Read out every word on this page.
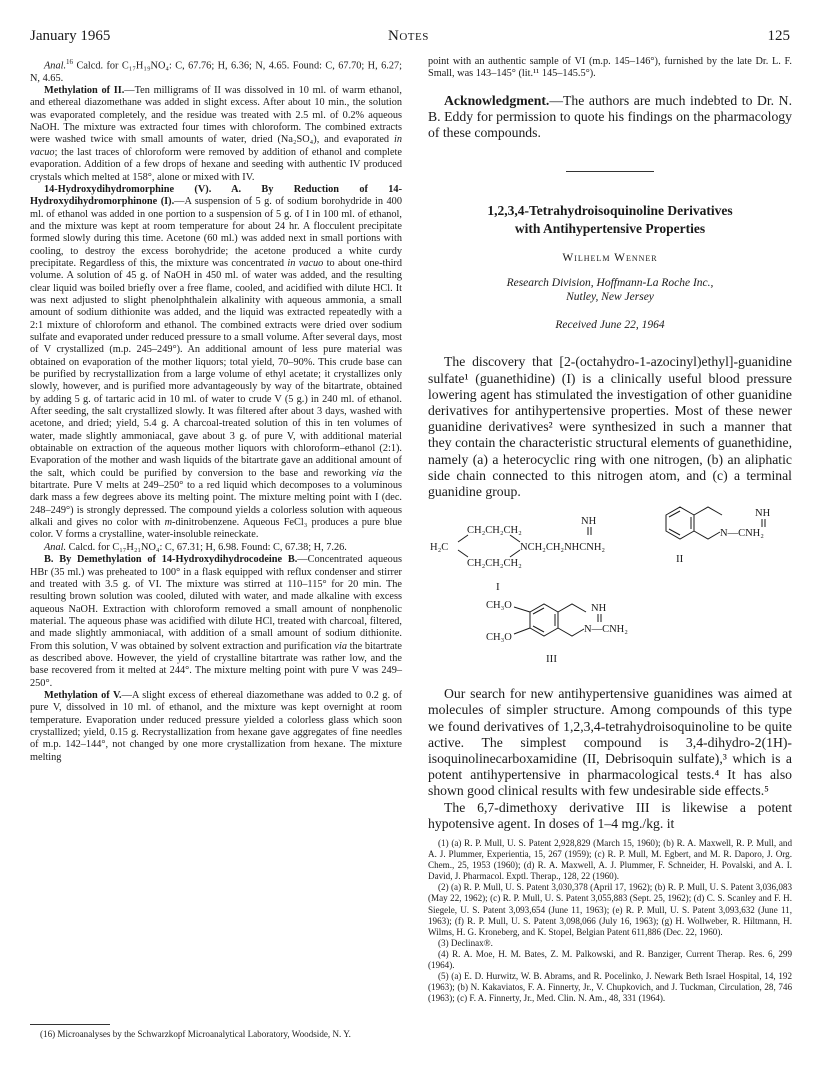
January 1965	Notes	125

Anal.$^{16}$ Calcd. for C₁₇H₁₉NO₄: C, 67.76; H, 6.36; N, 4.65. Found: C, 67.70; H, 6.27; N, 4.65.

Methylation of II.—Ten milligrams of II was dissolved in 10 ml. of warm ethanol, and ethereal diazomethane was added in slight excess. After about 10 min., the solution was evaporated completely, and the residue was treated with 2.5 ml. of 0.2% aqueous NaOH. The mixture was extracted four times with chloroform. The combined extracts were washed twice with small amounts of water, dried (Na₂SO₄), and evaporated in vacuo; the last traces of chloroform were removed by addition of ethanol and complete evaporation. Addition of a few drops of hexane and seeding with authentic IV produced crystals which melted at 158°, alone or mixed with IV.

14-Hydroxydihydromorphine (V). A. By Reduction of 14-Hydroxydihydromorphinone (I).—A suspension of 5 g. of sodium borohydride in 400 ml. of ethanol was added in one portion to a suspension of 5 g. of I in 100 ml. of ethanol, and the mixture was kept at room temperature for about 24 hr. A flocculent precipitate formed slowly during this time. Acetone (60 ml.) was added next in small portions with cooling, to destroy the excess borohydride; the acetone produced a white curdy precipitate. Regardless of this, the mixture was concentrated in vacuo to about one-third volume. A solution of 45 g. of NaOH in 450 ml. of water was added, and the resulting clear liquid was boiled briefly over a free flame, cooled, and acidified with dilute HCl. It was next adjusted to slight phenolphthalein alkalinity with aqueous ammonia, a small amount of sodium dithionite was added, and the liquid was extracted repeatedly with a 2:1 mixture of chloroform and ethanol. The combined extracts were dried over sodium sulfate and evaporated under reduced pressure to a small volume. After several days, most of V crystallized (m.p. 245–249°). An additional amount of less pure material was obtained on evaporation of the mother liquors; total yield, 70–90%. This crude base can be purified by recrystallization from a large volume of ethyl acetate; it crystallizes only slowly, however, and is purified more advantageously by way of the bitartrate, obtained by adding 5 g. of tartaric acid in 10 ml. of water to crude V (5 g.) in 240 ml. of ethanol. After seeding, the salt crystallized slowly. It was filtered after about 3 days, washed with acetone, and dried; yield, 5.4 g. A charcoal-treated solution of this in ten volumes of water, made slightly ammoniacal, gave about 3 g. of pure V, with additional material obtainable on extraction of the aqueous mother liquors with chloroform–ethanol (2:1). Evaporation of the mother and wash liquids of the bitartrate gave an additional amount of the salt, which could be purified by conversion to the base and reworking via the bitartrate. Pure V melts at 249–250° to a red liquid which decomposes to a voluminous dark mass a few degrees above its melting point. The mixture melting point with I (dec. 248–249°) is strongly depressed. The compound yields a colorless solution with aqueous alkali and gives no color with m-dinitrobenzene. Aqueous FeCl₃ produces a pure blue color. V forms a crystalline, water-insoluble reineckate.

Anal. Calcd. for C₁₇H₂₁NO₄: C, 67.31; H, 6.98. Found: C, 67.38; H, 7.26.

B. By Demethylation of 14-Hydroxydihydrocodeine B.—Concentrated aqueous HBr (35 ml.) was preheated to 100° in a flask equipped with reflux condenser and stirrer and treated with 3.5 g. of VI. The mixture was stirred at 110–115° for 20 min. The resulting brown solution was cooled, diluted with water, and made alkaline with excess aqueous NaOH. Extraction with chloroform removed a small amount of nonphenolic material. The aqueous phase was acidified with dilute HCl, treated with charcoal, filtered, and made slightly ammoniacal, with addition of a small amount of sodium dithionite. From this solution, V was obtained by solvent extraction and purification via the bitartrate as described above. However, the yield of crystalline bitartrate was rather low, and the base recovered from it melted at 244°. The mixture melting point with pure V was 249–250°.

Methylation of V.—A slight excess of ethereal diazomethane was added to 0.2 g. of pure V, dissolved in 10 ml. of ethanol, and the mixture was kept overnight at room temperature. Evaporation under reduced pressure yielded a colorless glass which soon crystallized; yield, 0.15 g. Recrystallization from hexane gave aggregates of fine needles of m.p. 142–144°, not changed by one more crystallization from hexane. The mixture melting

(16) Microanalyses by the Schwarzkopf Microanalytical Laboratory, Woodside, N. Y.

point with an authentic sample of VI (m.p. 145–146°), furnished by the late Dr. L. F. Small, was 143–145° (lit.¹¹ 145–145.5°).

Acknowledgment.—The authors are much indebted to Dr. N. B. Eddy for permission to quote his findings on the pharmacology of these compounds.

1,2,3,4-Tetrahydroisoquinoline Derivatives

with Antihypertensive Properties

Wilhelm Wenner

Research Division, Hoffmann-La Roche Inc.,

Nutley, New Jersey

Received June 22, 1964

The discovery that [2-(octahydro-1-azocinyl)ethyl]-guanidine sulfate¹ (guanethidine) (I) is a clinically useful blood pressure lowering agent has stimulated the investigation of other guanidine derivatives for antihypertensive properties. Most of these newer guanidine derivatives² were synthesized in such a manner that they contain the characteristic structural elements of guanethidine, namely (a) a heterocyclic ring with one nitrogen, (b) an aliphatic side chain connected to this nitrogen atom, and (c) a terminal guanidine group.

CH₂CH₂CH₂
H₂C
CH₂CH₂CH₂
NCH₂CH₂NHCNH₂
NH
I
N—CNH₂
NH
II
CH₃O
CH₃O
N—CNH₂
NH
III

Our search for new antihypertensive guanidines was aimed at molecules of simpler structure. Among compounds of this type we found derivatives of 1,2,3,4-tetrahydroisoquinoline to be quite active. The simplest compound is 3,4-dihydro-2(1H)-isoquinolinecarboxamidine (II, Debrisoquin sulfate),³ which is a potent antihypertensive in pharmacological tests.⁴ It has also shown good clinical results with few undesirable side effects.⁵

The 6,7-dimethoxy derivative III is likewise a potent hypotensive agent. In doses of 1–4 mg./kg. it

(1) (a) R. P. Mull, U. S. Patent 2,928,829 (March 15, 1960); (b) R. A. Maxwell, R. P. Mull, and A. J. Plummer, Experientia, 15, 267 (1959); (c) R. P. Mull, M. Egbert, and M. R. Daporo, J. Org. Chem., 25, 1953 (1960); (d) R. A. Maxwell, A. J. Plummer, F. Schneider, H. Povalski, and A. I. David, J. Pharmacol. Exptl. Therap., 128, 22 (1960).

(2) (a) R. P. Mull, U. S. Patent 3,030,378 (April 17, 1962); (b) R. P. Mull, U. S. Patent 3,036,083 (May 22, 1962); (c) R. P. Mull, U. S. Patent 3,055,883 (Sept. 25, 1962); (d) C. S. Scanley and F. H. Siegele, U. S. Patent 3,093,654 (June 11, 1963); (e) R. P. Mull, U. S. Patent 3,093,632 (June 11, 1963); (f) R. P. Mull, U. S. Patent 3,098,066 (July 16, 1963); (g) H. Wollweber, R. Hiltmann, H. Wilms, H. G. Kroneberg, and K. Stopel, Belgian Patent 611,886 (Dec. 22, 1960).

(3) Declinax®.

(4) R. A. Moe, H. M. Bates, Z. M. Palkowski, and R. Banziger, Current Therap. Res. 6, 299 (1964).

(5) (a) E. D. Hurwitz, W. B. Abrams, and R. Pocelinko, J. Newark Beth Israel Hospital, 14, 192 (1963); (b) N. Kakaviatos, F. A. Finnerty, Jr., V. Chupkovich, and J. Tuckman, Circulation, 28, 746 (1963); (c) F. A. Finnerty, Jr., Med. Clin. N. Am., 48, 331 (1964).
